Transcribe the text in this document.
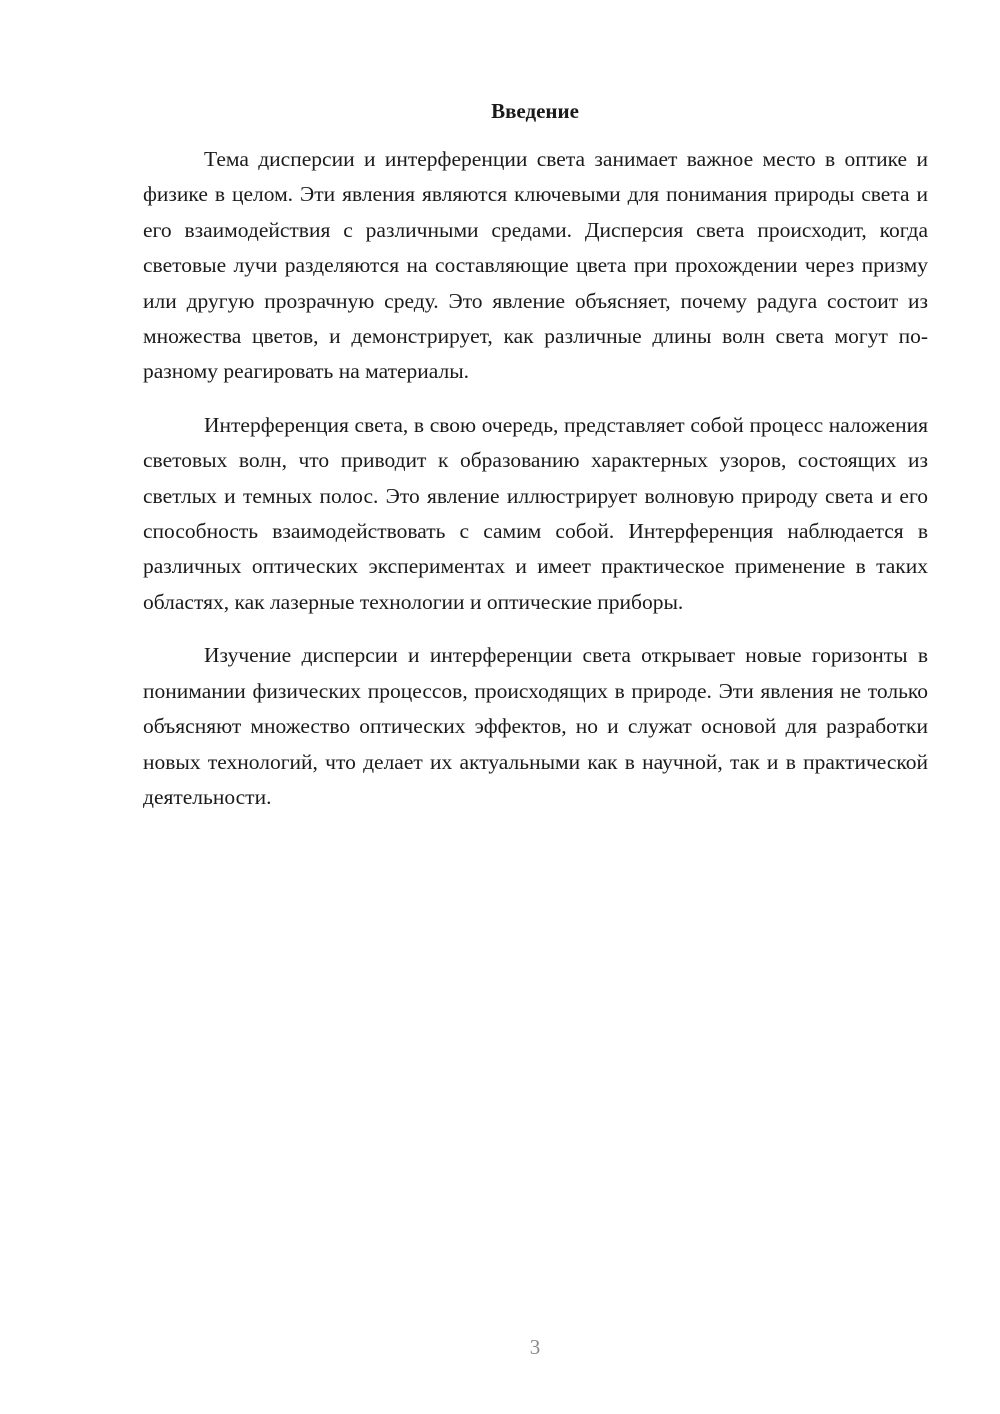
Введение

Тема дисперсии и интерференции света занимает важное место в оптике и физике в целом. Эти явления являются ключевыми для понимания природы света и его взаимодействия с различными средами. Дисперсия света происходит, когда световые лучи разделяются на составляющие цвета при прохождении через призму или другую прозрачную среду. Это явление объясняет, почему радуга состоит из множества цветов, и демонстрирует, как различные длины волн света могут по-разному реагировать на материалы.

Интерференция света, в свою очередь, представляет собой процесс наложения световых волн, что приводит к образованию характерных узоров, состоящих из светлых и темных полос. Это явление иллюстрирует волновую природу света и его способность взаимодействовать с самим собой. Интерференция наблюдается в различных оптических экспериментах и имеет практическое применение в таких областях, как лазерные технологии и оптические приборы.

Изучение дисперсии и интерференции света открывает новые горизонты в понимании физических процессов, происходящих в природе. Эти явления не только объясняют множество оптических эффектов, но и служат основой для разработки новых технологий, что делает их актуальными как в научной, так и в практической деятельности.

3
